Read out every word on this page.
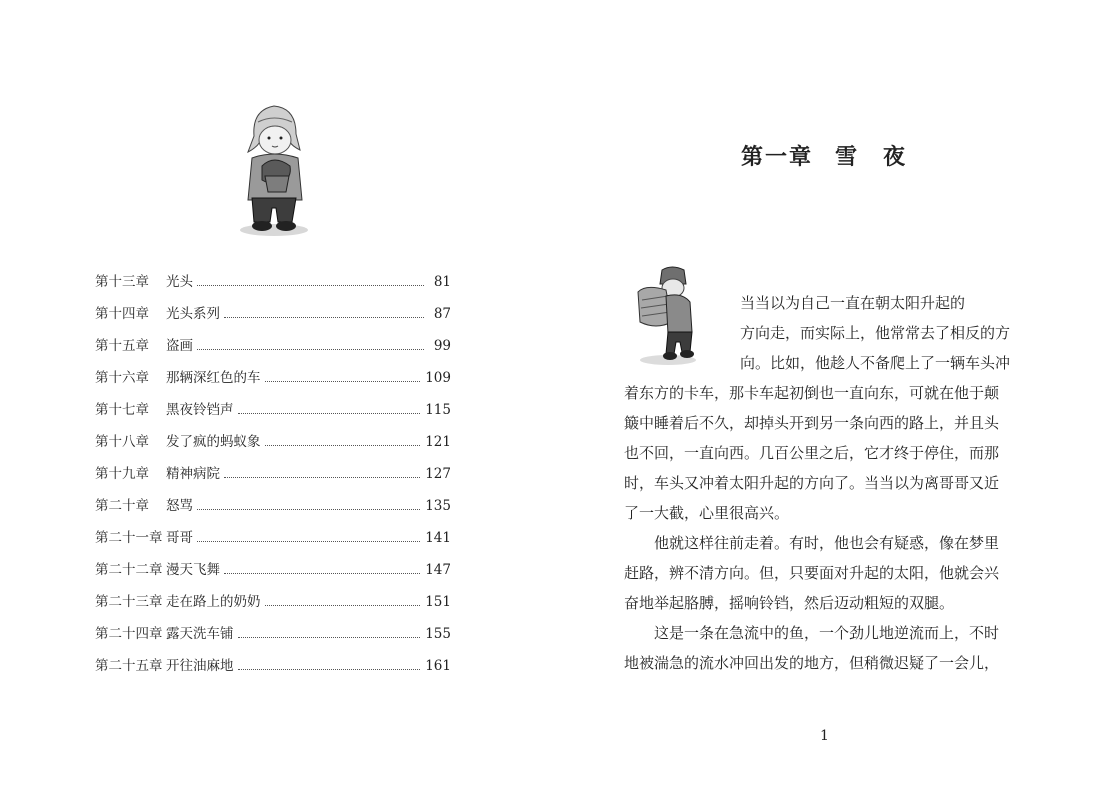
第十三章	光头	81
第十四章	光头系列	87
第十五章	盗画	99
第十六章	那辆深红色的车	109
第十七章	黑夜铃铛声	115
第十八章	发了疯的蚂蚁象	121
第十九章	精神病院	127
第二十章	怒骂	135
第二十一章 哥哥	141
第二十二章 漫天飞舞	147
第二十三章 走在路上的奶奶	151
第二十四章 露天洗车铺	155
第二十五章 开往油麻地	161
第一章 雪　夜
当当以为自己一直在朝太阳升起的
方向走，而实际上，他常常去了相反的方
向。比如，他趁人不备爬上了一辆车头冲
着东方的卡车，那卡车起初倒也一直向东，可就在他于颠
簸中睡着后不久，却掉头开到另一条向西的路上，并且头
也不回，一直向西。几百公里之后，它才终于停住，而那
时，车头又冲着太阳升起的方向了。当当以为离哥哥又近
了一大截，心里很高兴。
他就这样往前走着。有时，他也会有疑惑，像在梦里
赶路，辨不清方向。但，只要面对升起的太阳，他就会兴
奋地举起胳膊，摇响铃铛，然后迈动粗短的双腿。
这是一条在急流中的鱼，一个劲儿地逆流而上，不时
地被湍急的流水冲回出发的地方，但稍微迟疑了一会儿，
1
